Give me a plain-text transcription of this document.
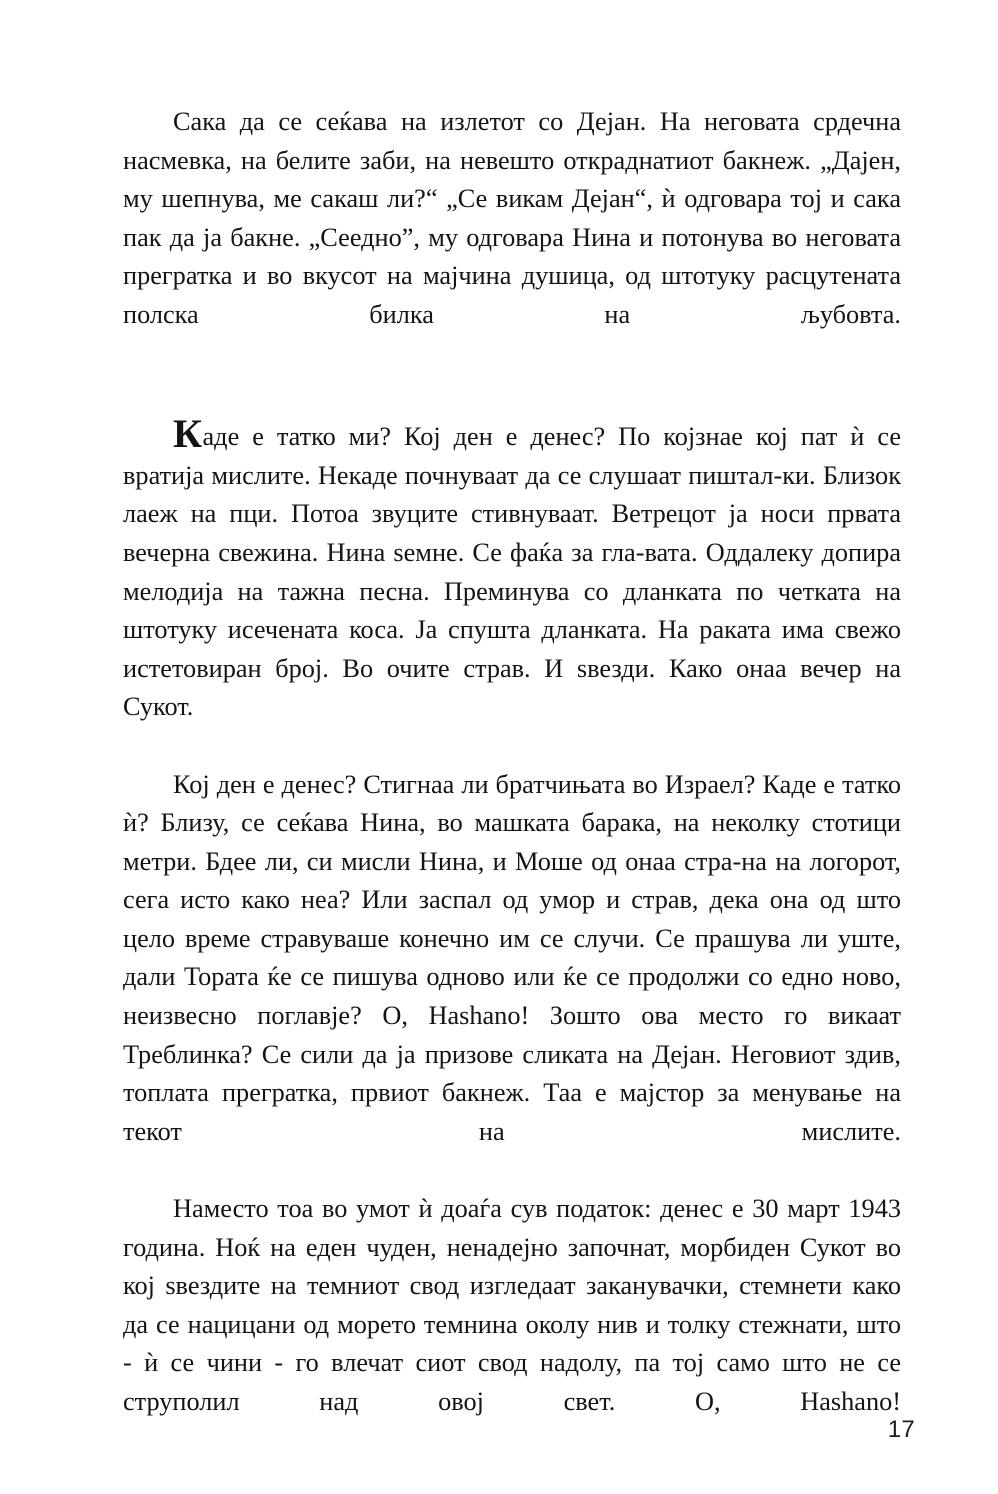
Сака да се сеќава на излетот со Дејан. На неговата срдечна насмевка, на белите заби, на невешто откраднатиот бакнеж. „Дајен, му шепнува, ме сакаш ли?“ „Се викам Дејан“, ѝ одговара тој и сака пак да ја бакне. „Сеедно”, му одговара Нина и потонува во неговата прегратка и во вкусот на мајчина душица, од штотуку расцутената полска билка на љубовта.

Каде е татко ми? Кој ден е денес? По којзнае кој пат ѝ се вратија мислите. Некаде почнуваат да се слушаат пиштал-ки. Близок лаеж на пци. Потоа звуците стивнуваат. Ветрецот ја носи првата вечерна свежина. Нина ѕемне. Се фаќа за гла-вата. Оддалеку допира мелодија на тажна песна. Преминува со дланката по четката на штотуку исечената коса. Ја спушта дланката. На раката има свежо истетовиран број. Во очите страв. И ѕвезди. Како онаа вечер на Сукот.

Кој ден е денес? Стигнаа ли братчињата во Израел? Каде е татко ѝ? Близу, се сеќава Нина, во машката барака, на неколку стотици метри. Бдее ли, си мисли Нина, и Моше од онаа стра-на на логорот, сега исто како неа? Или заспал од умор и страв, дека она од што цело време стравуваше конечно им се случи. Се прашува ли уште, дали Тората ќе се пишува одново или ќе се продолжи со едно ново, неизвесно поглавје? О, Hashano! Зошто ова место го викаат Треблинка? Се сили да ја призове сликата на Дејан. Неговиот здив, топлата прегратка, првиот бакнеж. Таа е мајстор за менување на текот на мислите.

Наместо тоа во умот ѝ доаѓа сув податок: денес е 30 март 1943 година. Ноќ на еден чуден, ненадејно започнат, морбиден Сукот во кој ѕвездите на темниот свод изгледаат заканувачки, стемнети како да се нацицани од морето темнина околу нив и толку стежнати, што - ѝ се чини - го влечат сиот свод надолу, па тој само што не се струполил над овој свет. О, Hashano!

17
